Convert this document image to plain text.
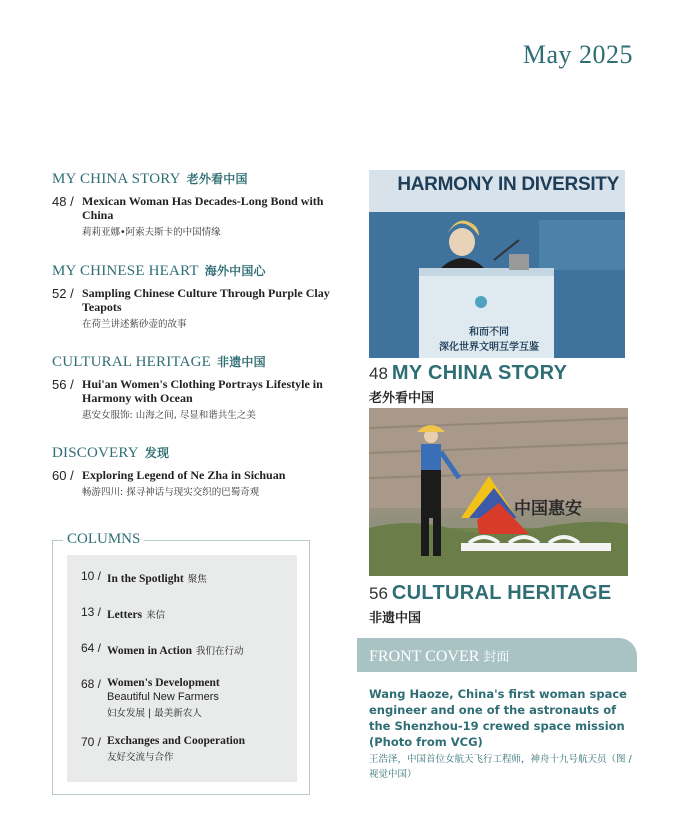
May 2025
MY CHINA STORY 老外看中国
48 / Mexican Woman Has Decades-Long Bond with China
莉莉亚娜•阿索夫斯卡的中国情缘
MY CHINESE HEART 海外中国心
52 / Sampling Chinese Culture Through Purple Clay Teapots
在荷兰讲述紫砂壶的故事
CULTURAL HERITAGE 非遗中国
56 / Hui'an Women's Clothing Portrays Lifestyle in Harmony with Ocean
惠安女服饰: 山海之间, 尽显和谐共生之美
DISCOVERY 发现
60 / Exploring Legend of Ne Zha in Sichuan
畅游四川: 探寻神话与现实交织的巴蜀奇观
COLUMNS
10 / In the Spotlight 聚焦
13 / Letters 来信
64 / Women in Action 我们在行动
68 / Women's Development
Beautiful New Farmers
妇女发展 | 最美新农人
70 / Exchanges and Cooperation
友好交流与合作
HARMONY IN DIVERSITY
和而不同
深化世界文明互学互鉴
48 MY CHINA STORY
老外看中国
中国惠安
56 CULTURAL HERITAGE
非遗中国
FRONT COVER 封面
Wang Haoze, China's first woman space engineer and one of the astronauts of the Shenzhou-19 crewed space mission (Photo from VCG)
王浩泽，中国首位女航天飞行工程师，神舟十九号航天员（图 / 视觉中国）
